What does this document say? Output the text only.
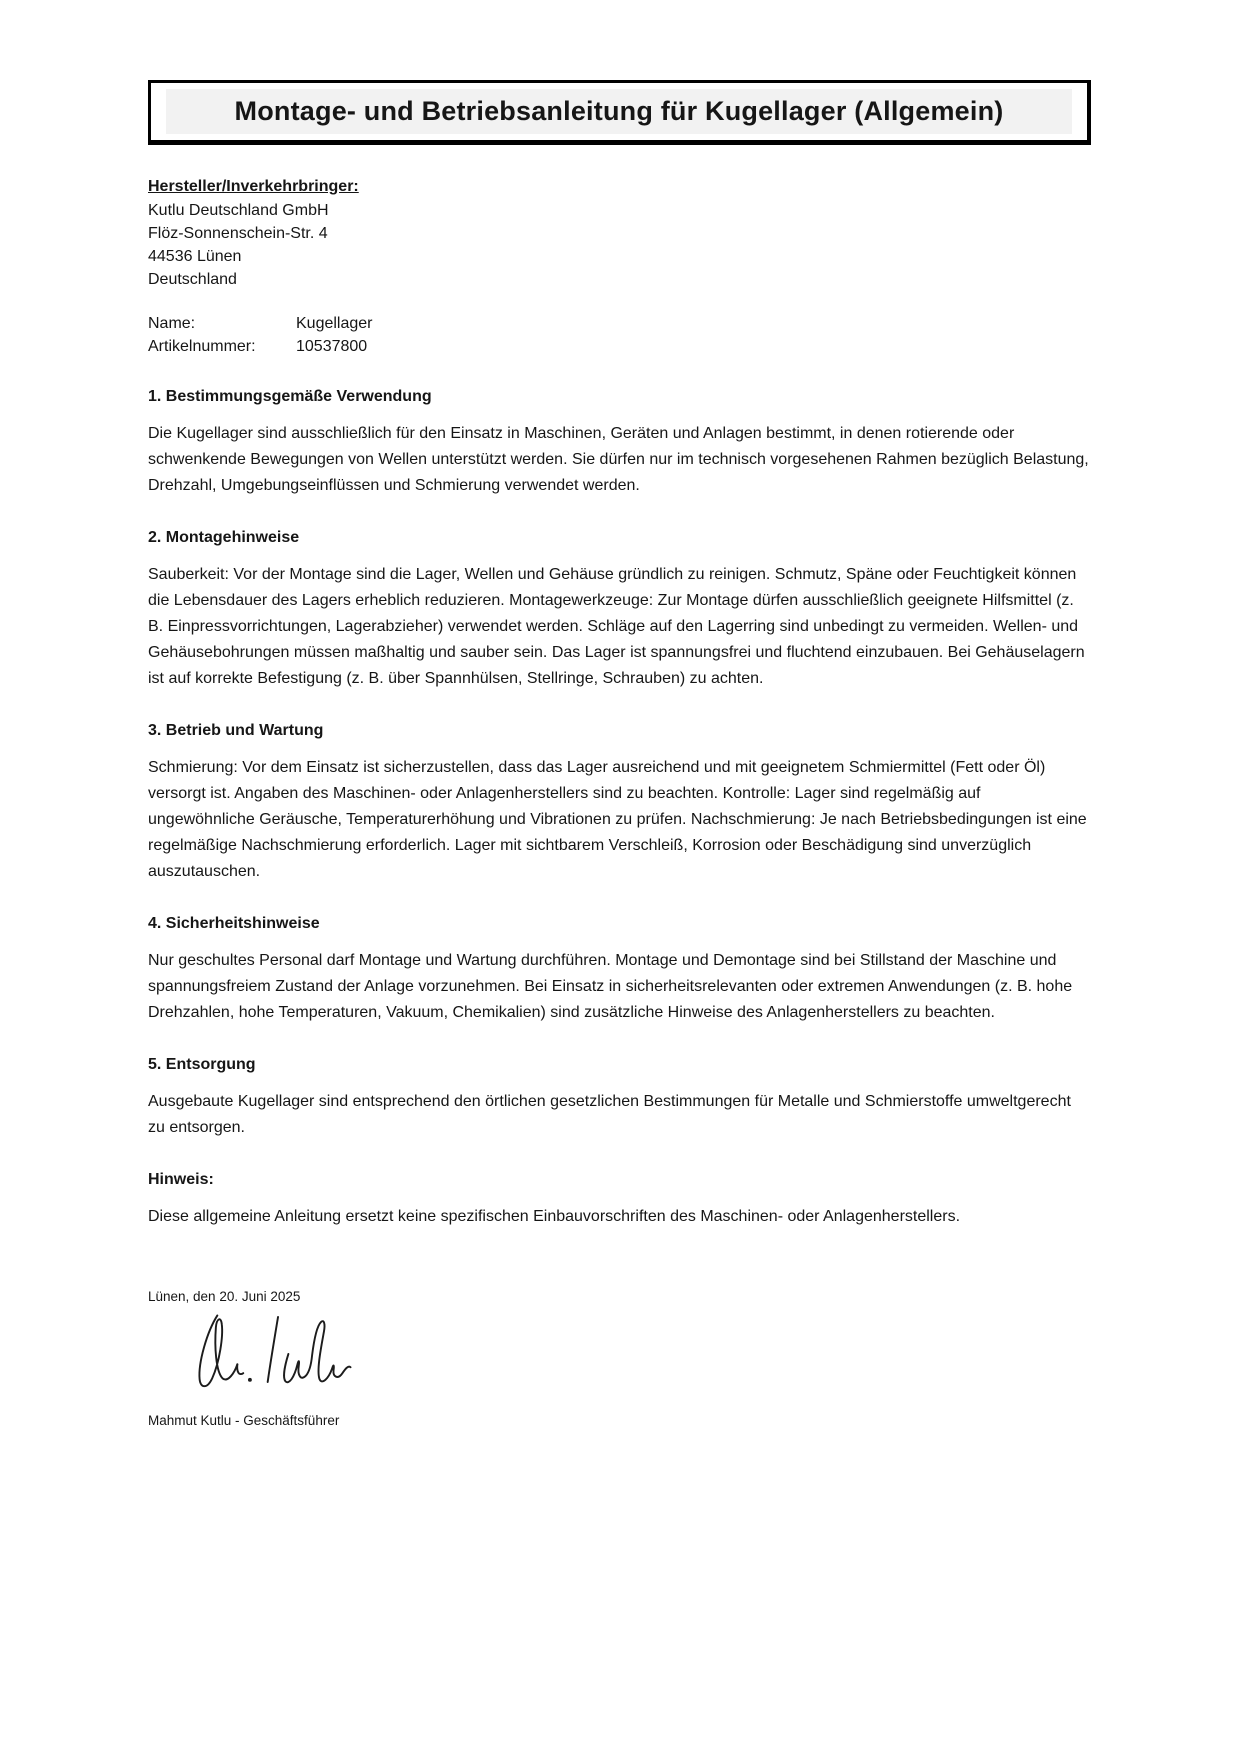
Montage- und Betriebsanleitung für Kugellager (Allgemein)

Hersteller/Inverkehrbringer:

Kutlu Deutschland GmbH

Flöz-Sonnenschein-Str. 4

44536 Lünen

Deutschland

Name:	Kugellager
Artikelnummer:	10537800
1. Bestimmungsgemäße Verwendung

Die Kugellager sind ausschließlich für den Einsatz in Maschinen, Geräten und Anlagen bestimmt, in denen rotierende oder schwenkende Bewegungen von Wellen unterstützt werden. Sie dürfen nur im technisch vorgesehenen Rahmen bezüglich Belastung, Drehzahl, Umgebungseinflüssen und Schmierung verwendet werden.

2. Montagehinweise

Sauberkeit: Vor der Montage sind die Lager, Wellen und Gehäuse gründlich zu reinigen. Schmutz, Späne oder Feuchtigkeit können die Lebensdauer des Lagers erheblich reduzieren. Montagewerkzeuge: Zur Montage dürfen ausschließlich geeignete Hilfsmittel (z. B. Einpressvorrichtungen, Lagerabzieher) verwendet werden. Schläge auf den Lagerring sind unbedingt zu vermeiden. Wellen- und Gehäusebohrungen müssen maßhaltig und sauber sein. Das Lager ist spannungsfrei und fluchtend einzubauen. Bei Gehäuselagern ist auf korrekte Befestigung (z. B. über Spannhülsen, Stellringe, Schrauben) zu achten.

3. Betrieb und Wartung

Schmierung: Vor dem Einsatz ist sicherzustellen, dass das Lager ausreichend und mit geeignetem Schmiermittel (Fett oder Öl) versorgt ist. Angaben des Maschinen- oder Anlagenherstellers sind zu beachten. Kontrolle: Lager sind regelmäßig auf ungewöhnliche Geräusche, Temperaturerhöhung und Vibrationen zu prüfen. Nachschmierung: Je nach Betriebsbedingungen ist eine regelmäßige Nachschmierung erforderlich. Lager mit sichtbarem Verschleiß, Korrosion oder Beschädigung sind unverzüglich auszutauschen.

4. Sicherheitshinweise

Nur geschultes Personal darf Montage und Wartung durchführen. Montage und Demontage sind bei Stillstand der Maschine und spannungsfreiem Zustand der Anlage vorzunehmen. Bei Einsatz in sicherheitsrelevanten oder extremen Anwendungen (z. B. hohe Drehzahlen, hohe Temperaturen, Vakuum, Chemikalien) sind zusätzliche Hinweise des Anlagenherstellers zu beachten.

5. Entsorgung

Ausgebaute Kugellager sind entsprechend den örtlichen gesetzlichen Bestimmungen für Metalle und Schmierstoffe umweltgerecht zu entsorgen.

Hinweis:

Diese allgemeine Anleitung ersetzt keine spezifischen Einbauvorschriften des Maschinen- oder Anlagenherstellers.

Lünen, den 20. Juni 2025

Mahmut Kutlu - Geschäftsführer
